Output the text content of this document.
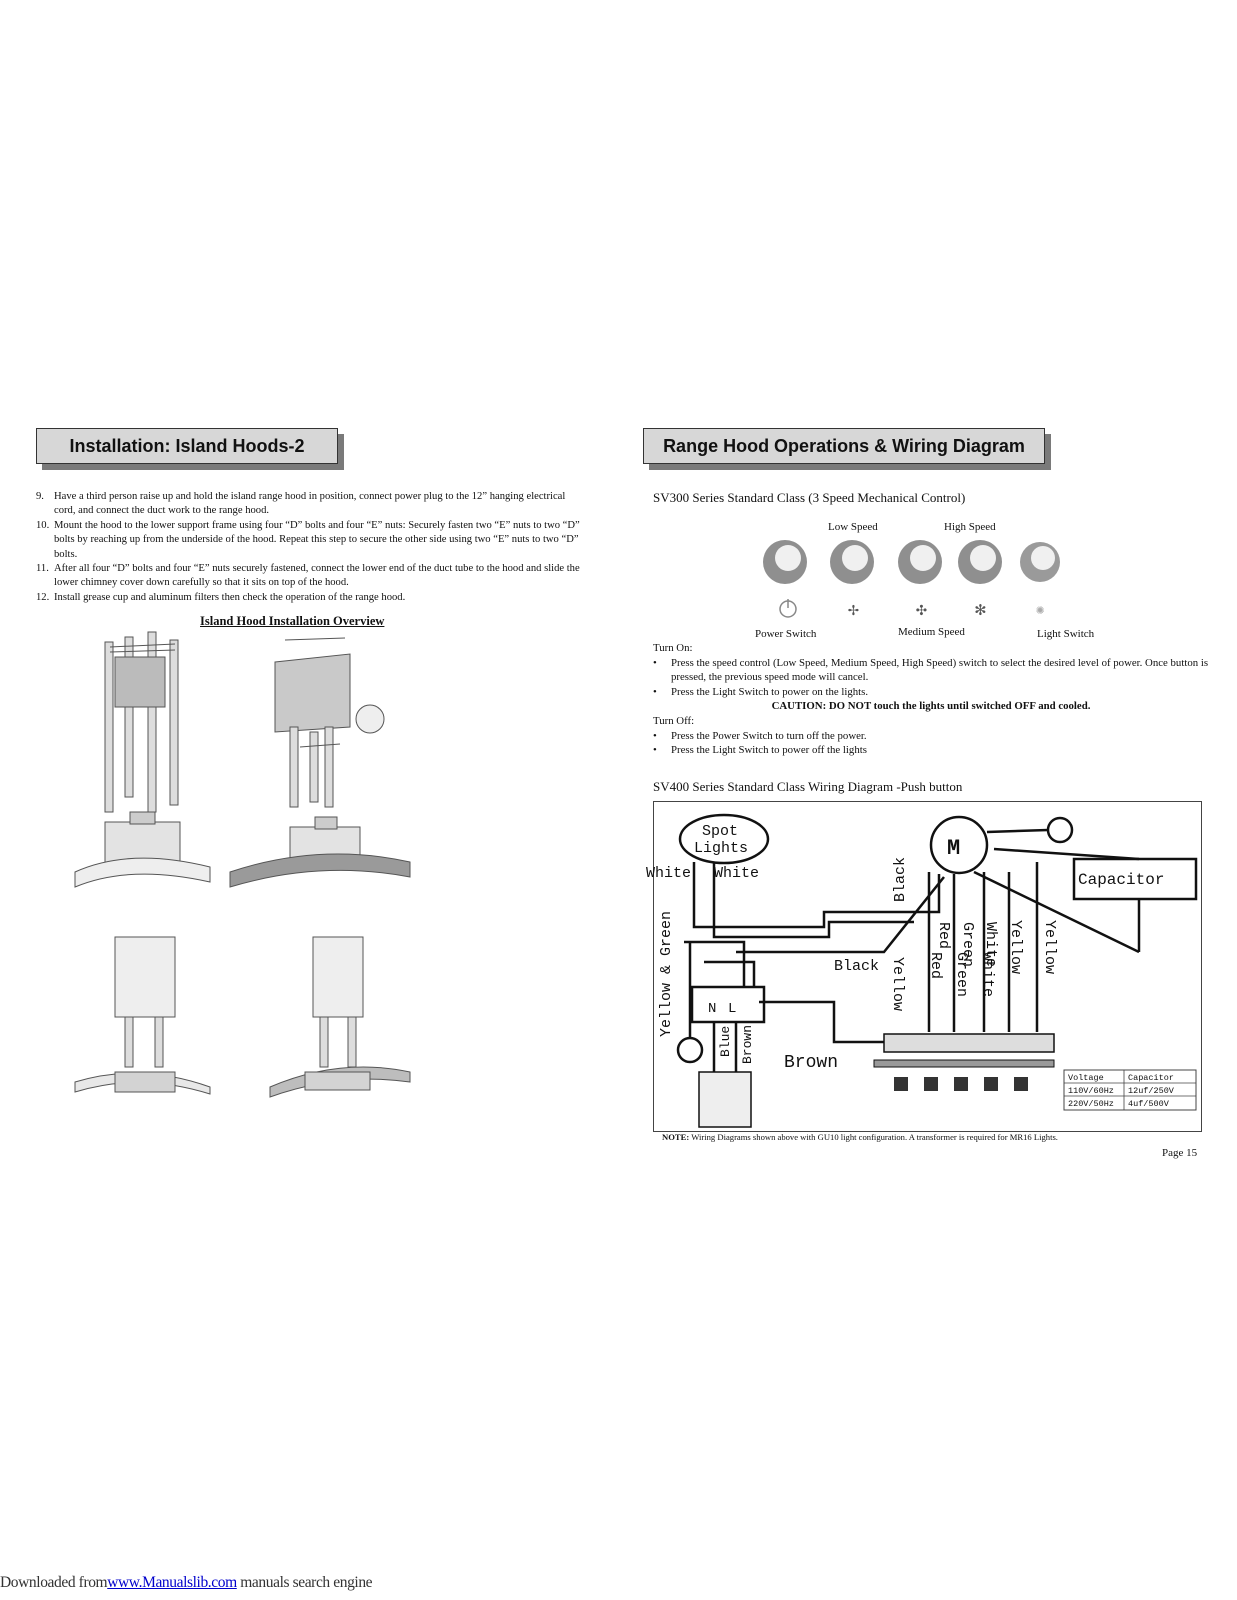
Installation: Island Hoods-2

9. Have a third person raise up and hold the island range hood in position, connect power plug to the 12” hanging electrical cord, and connect the duct work to the range hood.

10. Mount the hood to the lower support frame using four “D” bolts and four “E” nuts: Securely fasten two “E” nuts to two “D” bolts by reaching up from the underside of the hood. Repeat this step to secure the other side using two “E” nuts to two “D” bolts.

11. After all four “D” bolts and four “E” nuts securely fastened, connect the lower end of the duct tube to the hood and slide the lower chimney cover down carefully so that it sits on top of the hood.

12. Install grease cup and aluminum filters then check the operation of the range hood.

Island Hood Installation Overview
Range Hood Operations & Wiring Diagram
SV300 Series Standard Class (3 Speed Mechanical Control)
Low Speed	High Speed
✢	✣	✻	✺
Power Switch	Medium Speed	Light Switch

Turn On:

• Press the speed control (Low Speed, Medium Speed, High Speed) switch to select the desired level of power. Once button is pressed, the previous speed mode will cancel.

• Press the Light Switch to power on the lights.

CAUTION: DO NOT touch the lights until switched OFF and cooled.

Turn Off:

• Press the Power Switch to turn off the power.

• Press the Light Switch to power off the lights

SV400 Series Standard Class Wiring Diagram -Push button
Spot
Lights
White White
M
Capacitor
Black
N L
Brown
Black
Red Green White Yellow Yellow
Yellow Red Green White
Yellow & Green
Blue Brown
Voltage	Capacitor
110V/60Hz 12uf/250V
220V/50Hz 4uf/500V
NOTE: Wiring Diagrams shown above with GU10 light configuration. A transformer is required for MR16 Lights.
Page 15
Downloaded fromwww.Manualslib.com manuals search engine
